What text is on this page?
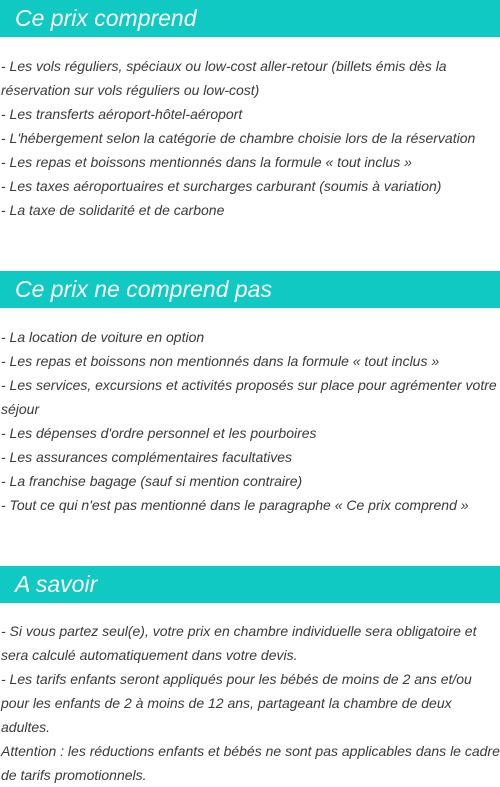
Ce prix comprend
- Les vols réguliers, spéciaux ou low-cost aller-retour (billets émis dès la réservation sur vols réguliers ou low-cost)
- Les transferts aéroport-hôtel-aéroport
- L'hébergement selon la catégorie de chambre choisie lors de la réservation
- Les repas et boissons mentionnés dans la formule « tout inclus »
- Les taxes aéroportuaires et surcharges carburant (soumis à variation)
- La taxe de solidarité et de carbone
Ce prix ne comprend pas
- La location de voiture en option
- Les repas et boissons non mentionnés dans la formule « tout inclus »
- Les services, excursions et activités proposés sur place pour agrémenter votre séjour
- Les dépenses d'ordre personnel et les pourboires
- Les assurances complémentaires facultatives
- La franchise bagage (sauf si mention contraire)
- Tout ce qui n'est pas mentionné dans le paragraphe « Ce prix comprend »
A savoir
- Si vous partez seul(e), votre prix en chambre individuelle sera obligatoire et sera calculé automatiquement dans votre devis.
- Les tarifs enfants seront appliqués pour les bébés de moins de 2 ans et/ou pour les enfants de 2 à moins de 12 ans, partageant la chambre de deux adultes.
Attention : les réductions enfants et bébés ne sont pas applicables dans le cadre de tarifs promotionnels.
